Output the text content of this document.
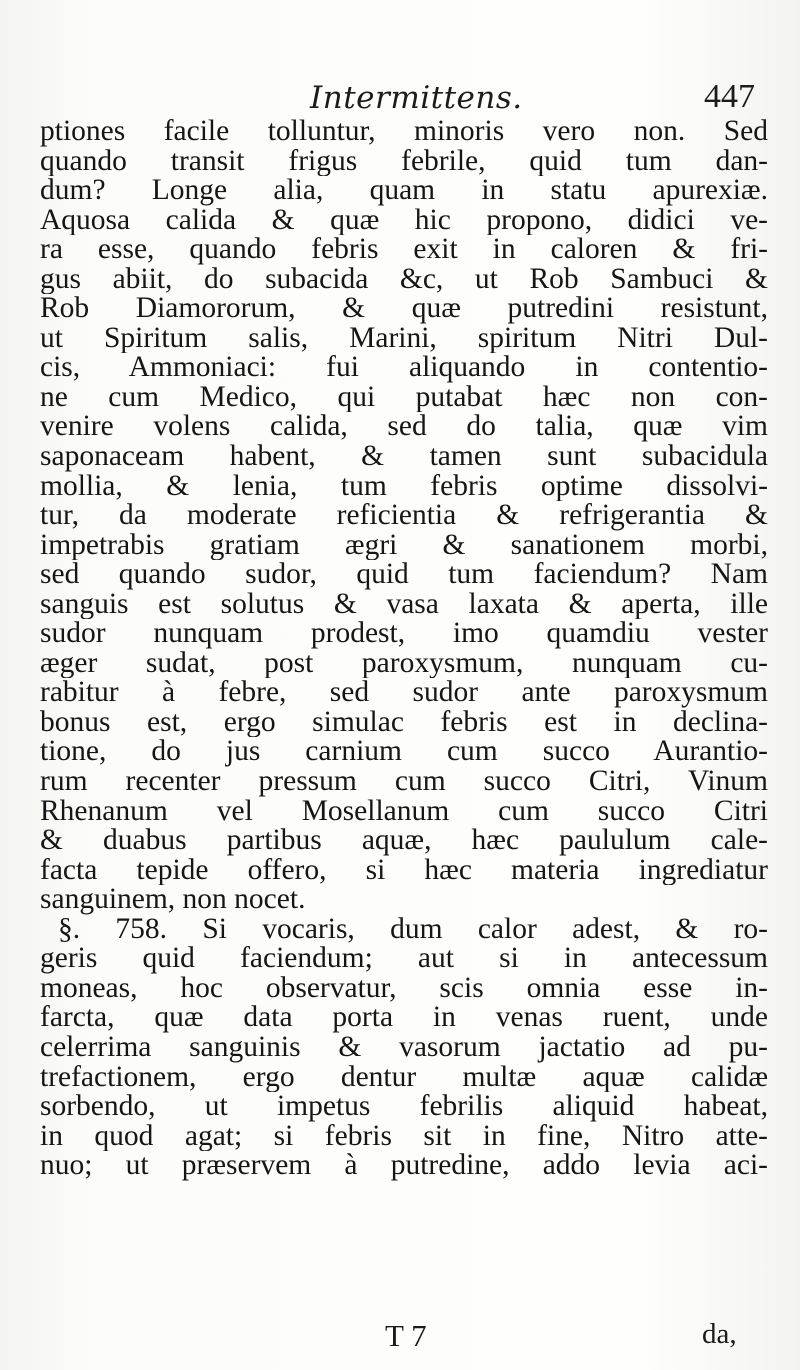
Intermittens.	447
ptiones facile tolluntur, minoris vero non. Sed
quando transit frigus febrile, quid tum dan-
dum? Longe alia, quam in statu apurexiæ.
Aquosa calida & quæ hic propono, didici ve-
ra esse, quando febris exit in caloren & fri-
gus abiit, do subacida &c, ut Rob Sambuci &
Rob Diamororum, & quæ putredini resistunt,
ut Spiritum salis, Marini, spiritum Nitri Dul-
cis, Ammoniaci: fui aliquando in contentio-
ne cum Medico, qui putabat hæc non con-
venire volens calida, sed do talia, quæ vim
saponaceam habent, & tamen sunt subacidula
mollia, & lenia, tum febris optime dissolvi-
tur, da moderate reficientia & refrigerantia &
impetrabis gratiam ægri & sanationem morbi,
sed quando sudor, quid tum faciendum? Nam
sanguis est solutus & vasa laxata & aperta, ille
sudor nunquam prodest, imo quamdiu vester
æger sudat, post paroxysmum, nunquam cu-
rabitur à febre, sed sudor ante paroxysmum
bonus est, ergo simulac febris est in declina-
tione, do jus carnium cum succo Aurantio-
rum recenter pressum cum succo Citri, Vinum
Rhenanum vel Mosellanum cum succo Citri
& duabus partibus aquæ, hæc paululum cale-
facta tepide offero, si hæc materia ingrediatur
sanguinem, non nocet.
§. 758. Si vocaris, dum calor adest, & ro-
geris quid faciendum; aut si in antecessum
moneas, hoc observatur, scis omnia esse in-
farcta, quæ data porta in venas ruent, unde
celerrima sanguinis & vasorum jactatio ad pu-
trefactionem, ergo dentur multæ aquæ calidæ
sorbendo, ut impetus febrilis aliquid habeat,
in quod agat; si febris sit in fine, Nitro atte-
nuo; ut præservem à putredine, addo levia aci-
T 7	da,
